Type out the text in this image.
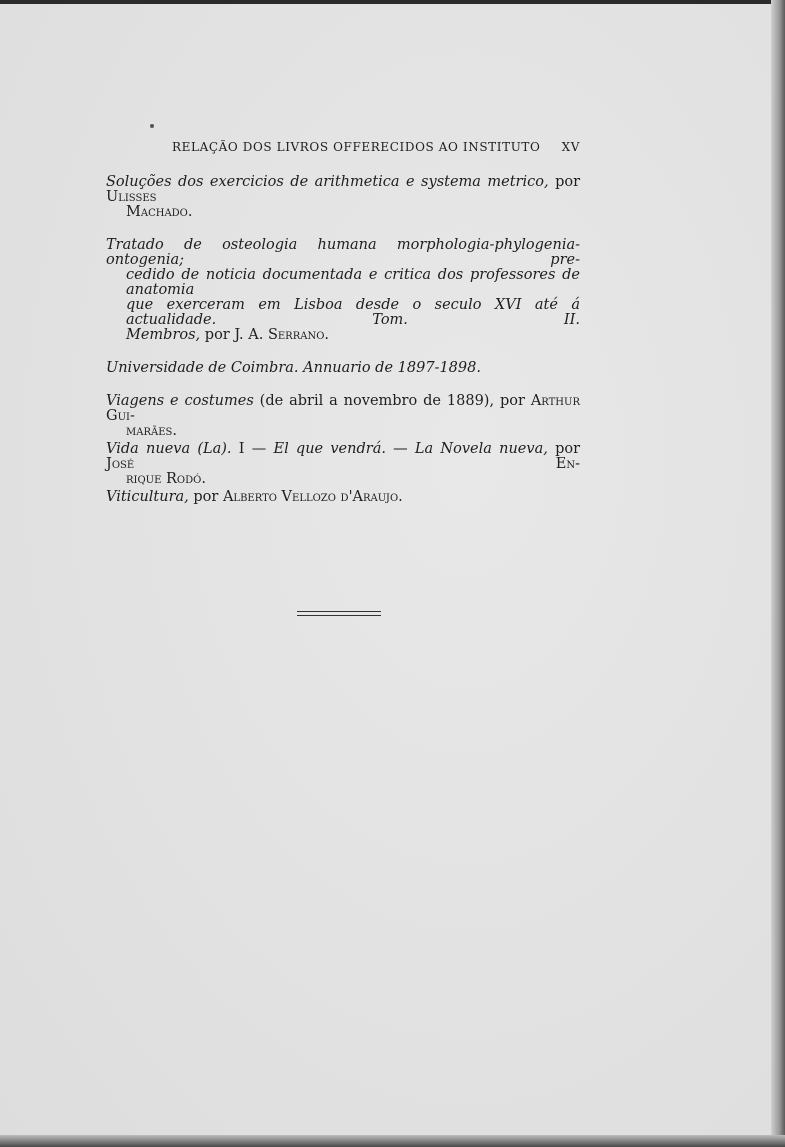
RELAÇÃO DOS LIVROS OFFERECIDOS AO INSTITUTO XV
Soluções dos exercicios de arithmetica e systema metrico, por Ulisses
Machado.
Tratado de osteologia humana morphologia-phylogenia-ontogenia; pre-
cedido de noticia documentada e critica dos professores de anatomia
que exerceram em Lisboa desde o seculo XVI até á actualidade. Tom. II.
Membros, por J. A. Serrano.
Universidade de Coimbra. Annuario de 1897-1898.
Viagens e costumes (de abril a novembro de 1889), por Arthur Gui-
marães.
Vida nueva (La). I — El que vendrá. — La Novela nueva, por José En-
rique Rodó.
Viticultura, por Alberto Vellozo d'Araujo.
